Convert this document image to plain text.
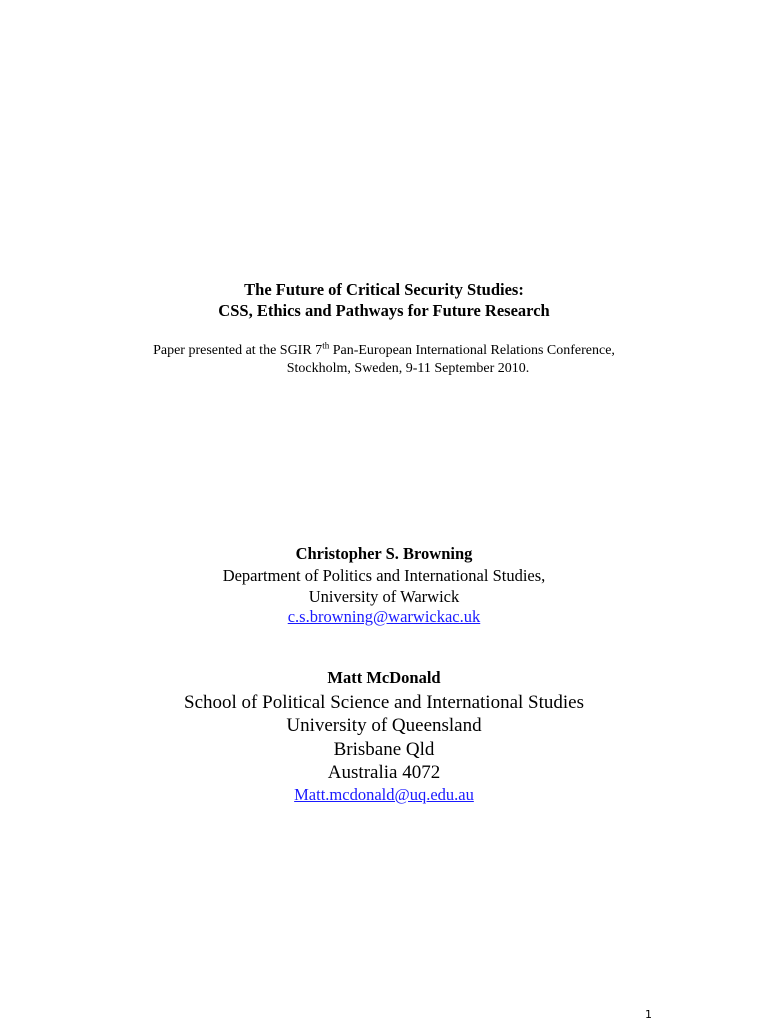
The Future of Critical Security Studies:
CSS, Ethics and Pathways for Future Research
Paper presented at the SGIR 7th Pan-European International Relations Conference,
Stockholm, Sweden, 9-11 September 2010.
Christopher S. Browning
Department of Politics and International Studies,
University of Warwick
c.s.browning@warwickac.uk
Matt McDonald
School of Political Science and International Studies
University of Queensland
Brisbane Qld
Australia 4072
Matt.mcdonald@uq.edu.au
1
